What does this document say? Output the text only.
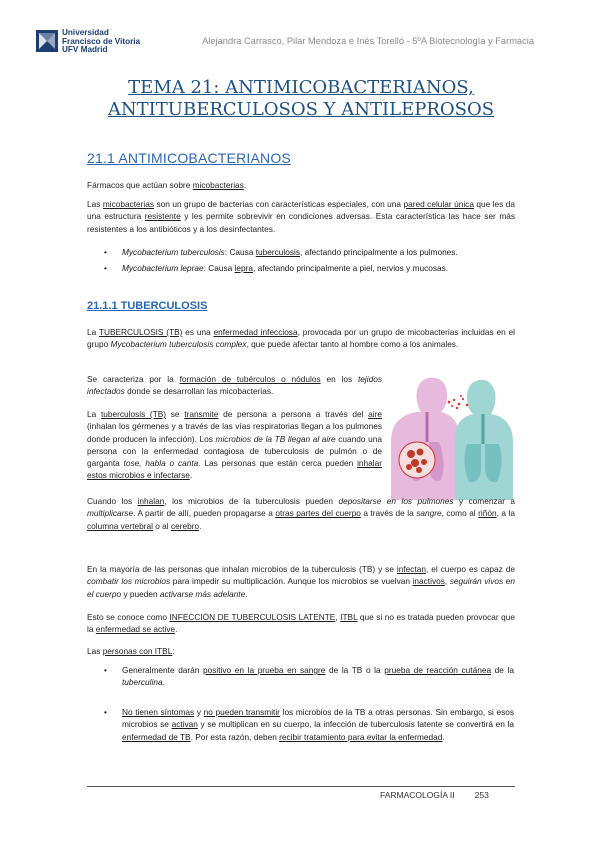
Universidad
Francisco de Vitoria
UFV Madrid
Alejandra Carrasco, Pilar Mendoza e Inés Torelló - 5ºA Biotecnología y Farmacia
TEMA 21: ANTIMICOBACTERIANOS,
ANTITUBERCULOSOS Y ANTILEPROSOS
21.1 ANTIMICOBACTERIANOS
Fármacos que actúan sobre micobacterias.
Las micobacterias son un grupo de bacterias con características especiales, con una pared celular única que les da una estructura resistente y les permite sobrevivir en condiciones adversas. Esta característica las hace ser más resistentes a los antibióticos y a los desinfectantes.
• Mycobacterium tuberculosis: Causa tuberculosis, afectando principalmente a los pulmones.
• Mycobacterium leprae: Causa lepra, afectando principalmente a piel, nervios y mucosas.
21.1.1 TUBERCULOSIS
La TUBERCULOSIS (TB) es una enfermedad infecciosa, provocada por un grupo de micobacterias incluidas en el grupo Mycobacterium tuberculosis complex, que puede afectar tanto al hombre como a los animales.
Se caracteriza por la formación de tubérculos o nódulos en los tejidos infectados donde se desarrollan las micobacterias.
La tuberculosis (TB) se transmite de persona a persona a través del aire (inhalan los gérmenes y a través de las vías respiratorias llegan a los pulmones donde producen la infección). Los microbios de la TB llegan al aire cuando una persona con la enfermedad contagiosa de tuberculosis de pulmón o de garganta tose, habla o canta. Las personas que están cerca pueden inhalar estos microbios e infectarse.
Cuando los inhalan, los microbios de la tuberculosis pueden depositarse en los pulmones y comenzar a multiplicarse. A partir de allí, pueden propagarse a otras partes del cuerpo a través de la sangre, como al riñón, a la columna vertebral o al cerebro.
En la mayoría de las personas que inhalan microbios de la tuberculosis (TB) y se infectan, el cuerpo es capaz de combatir los microbios para impedir su multiplicación. Aunque los microbios se vuelvan inactivos, seguirán vivos en el cuerpo y pueden activarse más adelante.
Esto se conoce como INFECCIÓN DE TUBERCULOSIS LATENTE, ITBL que si no es tratada pueden provocar que la enfermedad se active.
Las personas con ITBL:
• Generalmente darán positivo en la prueba en sangre de la TB o la prueba de reacción cutánea de la tuberculina.
• No tienen síntomas y no pueden transmitir los microbios de la TB a otras personas. Sin embargo, si esos microbios se activan y se multiplican en su cuerpo, la infección de tuberculosis latente se convertirá en la enfermedad de TB. Por esta razón, deben recibir tratamiento para evitar la enfermedad.
FARMACOLOGÍA II 253
